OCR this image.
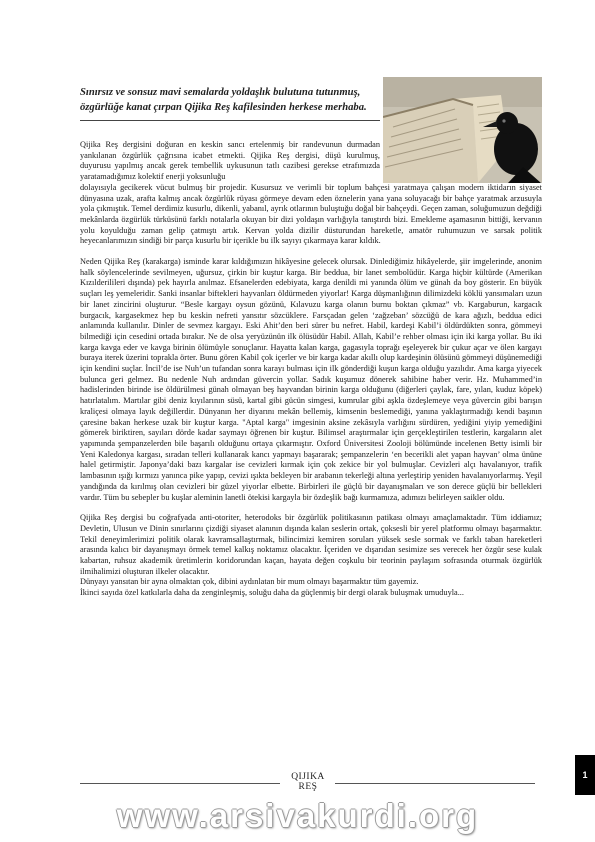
Sınırsız ve sonsuz mavi semalarda yoldaşlık bulutuna tutunmuş,
özgürlüğe kanat çırpan Qijika Reş kafilesinden herkese merhaba.

Qijika Reş dergisini doğuran en keskin sancı ertelenmiş bir randevunun durmadan yankılanan özgürlük çağrısına icabet etmekti. Qijika Reş dergisi, düşü kurulmuş, duyurusu yapılmış ancak gerek tembellik uykusunun tatlı cazibesi gerekse etrafımızda yaratamadığımız kolektif enerji yoksunluğu

dolayısıyla gecikerek vücut bulmuş bir projedir. Kusursuz ve verimli bir toplum bahçesi yaratmaya çalışan modern iktidarın siyaset dünyasına uzak, arafta kalmış ancak özgürlük rüyası görmeye devam eden öznelerin yana yana soluyacağı bir bahçe yaratmak arzusuyla yola çıkmıştık. Temel derdimiz kusurlu, dikenli, yabanıl, ayrık otlarının buluştuğu doğal bir bahçeydi. Geçen zaman, soluğumuzun değdiği mekânlarda özgürlük türküsünü farklı notalarla okuyan bir dizi yoldaşın varlığıyla tanıştırdı bizi. Emekleme aşamasının bittiği, kervanın yolu koyulduğu zaman gelip çatmıştı artık. Kervan yolda dizilir düsturundan hareketle, amatör ruhumuzun ve sarsak politik heyecanlarımızın sindiği bir parça kusurlu bir içerikle bu ilk sayıyı çıkarmaya karar kıldık.

Neden Qijika Reş (karakarga) isminde karar kıldığımızın hikâyesine gelecek olursak. Dinlediğimiz hikâyelerde, şiir imgelerinde, anonim halk söylencelerinde sevilmeyen, uğursuz, çirkin bir kuştur karga. Bir beddua, bir lanet sembolüdür. Karga hiçbir kültürde (Amerikan Kızılderilileri dışında) pek hayırla anılmaz. Efsanelerden edebiyata, karga denildi mi yanında ölüm ve günah da boy gösterir. En büyük suçları leş yemeleridir. Sanki insanlar biftekleri hayvanları öldürmeden yiyorlar! Karga düşmanlığının dilimizdeki köklü yansımaları uzun bir lanet zincirini oluşturur. “Besle kargayı oysun gözünü, Kılavuzu karga olanın burnu boktan çıkmaz” vb. Kargaburun, kargacık burgacık, kargasekmez hep bu keskin nefreti yansıtır sözcüklere. Farsçadan gelen ‘zağzeban’ sözcüğü de kara ağızlı, beddua edici anlamında kullanılır. Dinler de sevmez kargayı. Eski Ahit’den beri sürer bu nefret. Habil, kardeşi Kabil’i öldürdükten sonra, gömmeyi bilmediği için cesedini ortada bırakır. Ne de olsa yeryüzünün ilk ölüsüdür Habil. Allah, Kabil’e rehber olması için iki karga yollar. Bu iki karga kavga eder ve kavga birinin ölümüyle sonuçlanır. Hayatta kalan karga, gagasıyla toprağı eşeleyerek bir çukur açar ve ölen kargayı buraya iterek üzerini toprakla örter. Bunu gören Kabil çok içerler ve bir karga kadar akıllı olup kardeşinin ölüsünü gömmeyi düşünemediği için kendini suçlar. İncil’de ise Nuh’un tufandan sonra karayı bulması için ilk gönderdiği kuşun karga olduğu yazılıdır. Ama karga yiyecek bulunca geri gelmez. Bu nedenle Nuh ardından güvercin yollar. Sadık kuşumuz dönerek sahibine haber verir. Hz. Muhammed’in hadislerinden birinde ise öldürülmesi günah olmayan beş hayvandan birinin karga olduğunu (diğerleri çaylak, fare, yılan, kuduz köpek) hatırlatalım. Martılar gibi deniz kıyılarının süsü, kartal gibi gücün simgesi, kumrular gibi aşkla özdeşlemeye veya güvercin gibi barışın kraliçesi olmaya layık değillerdir. Dünyanın her diyarını mekân bellemiş, kimsenin beslemediği, yanına yaklaştırmadığı kendi başının çaresine bakan herkese uzak bir kuştur karga. "Aptal karga" imgesinin aksine zekâsıyla varlığını sürdüren, yediğini yiyip yemediğini gömerek biriktiren, sayıları dörde kadar saymayı öğrenen bir kuştur. Bilimsel araştırmalar için gerçekleştirilen testlerin, kargaların alet yapımında şempanzelerden bile başarılı olduğunu ortaya çıkarmıştır. Oxford Üniversitesi Zooloji bölümünde incelenen Betty isimli bir Yeni Kaledonya kargası, sıradan telleri kullanarak kancı yapmayı başararak; şempanzelerin ‘en becerikli alet yapan hayvan’ olma ününe halel getirmiştir. Japonya’daki bazı kargalar ise cevizleri kırmak için çok zekice bir yol bulmuşlar. Cevizleri alçı havalanıyor, trafik lambasının ışığı kırmızı yanınca pike yapıp, cevizi ışıkta bekleyen bir arabanın tekerleği altına yerleştirip yeniden havalanıyorlarmış. Yeşil yandığında da kırılmış olan cevizleri bir güzel yiyorlar elbette. Birbirleri ile güçlü bir dayanışmaları ve son derece güçlü bir bellekleri vardır. Tüm bu sebepler bu kuşlar aleminin lanetli ötekisi kargayla bir özdeşlik bağı kurmamıza, adımızı belirleyen saikler oldu.

Qijika Reş dergisi bu coğrafyada anti-otoriter, heterodoks bir özgürlük politikasının patikası olmayı amaçlamaktadır. Tüm iddiamız; Devletin, Ulusun ve Dinin sınırlarını çizdiği siyaset alanının dışında kalan seslerin ortak, çoksesli bir yerel platformu olmayı başarmaktır. Tekil deneyimlerimizi politik olarak kavramsallaştırmak, bilincimizi kemiren soruları yüksek sesle sormak ve farklı taban hareketleri arasında kalıcı bir dayanışmayı örmek temel kalkış noktamız olacaktır. İçeriden ve dışarıdan sesimize ses verecek her özgür sese kulak kabartan, ruhsuz akademik üretimlerin koridorundan kaçan, hayata değen coşkulu bir teorinin paylaşım sofrasında oturmak özgürlük ilmihalimizi oluşturan ilkeler olacaktır.

Dünyayı yansıtan bir ayna olmaktan çok, dibini aydınlatan bir mum olmayı başarmaktır tüm gayemiz.

İkinci sayıda özel katkılarla daha da zenginleşmiş, soluğu daha da güçlenmiş bir dergi olarak buluşmak umuduyla...

QIJIKA REŞ
1
www.arsivakurdi.org
